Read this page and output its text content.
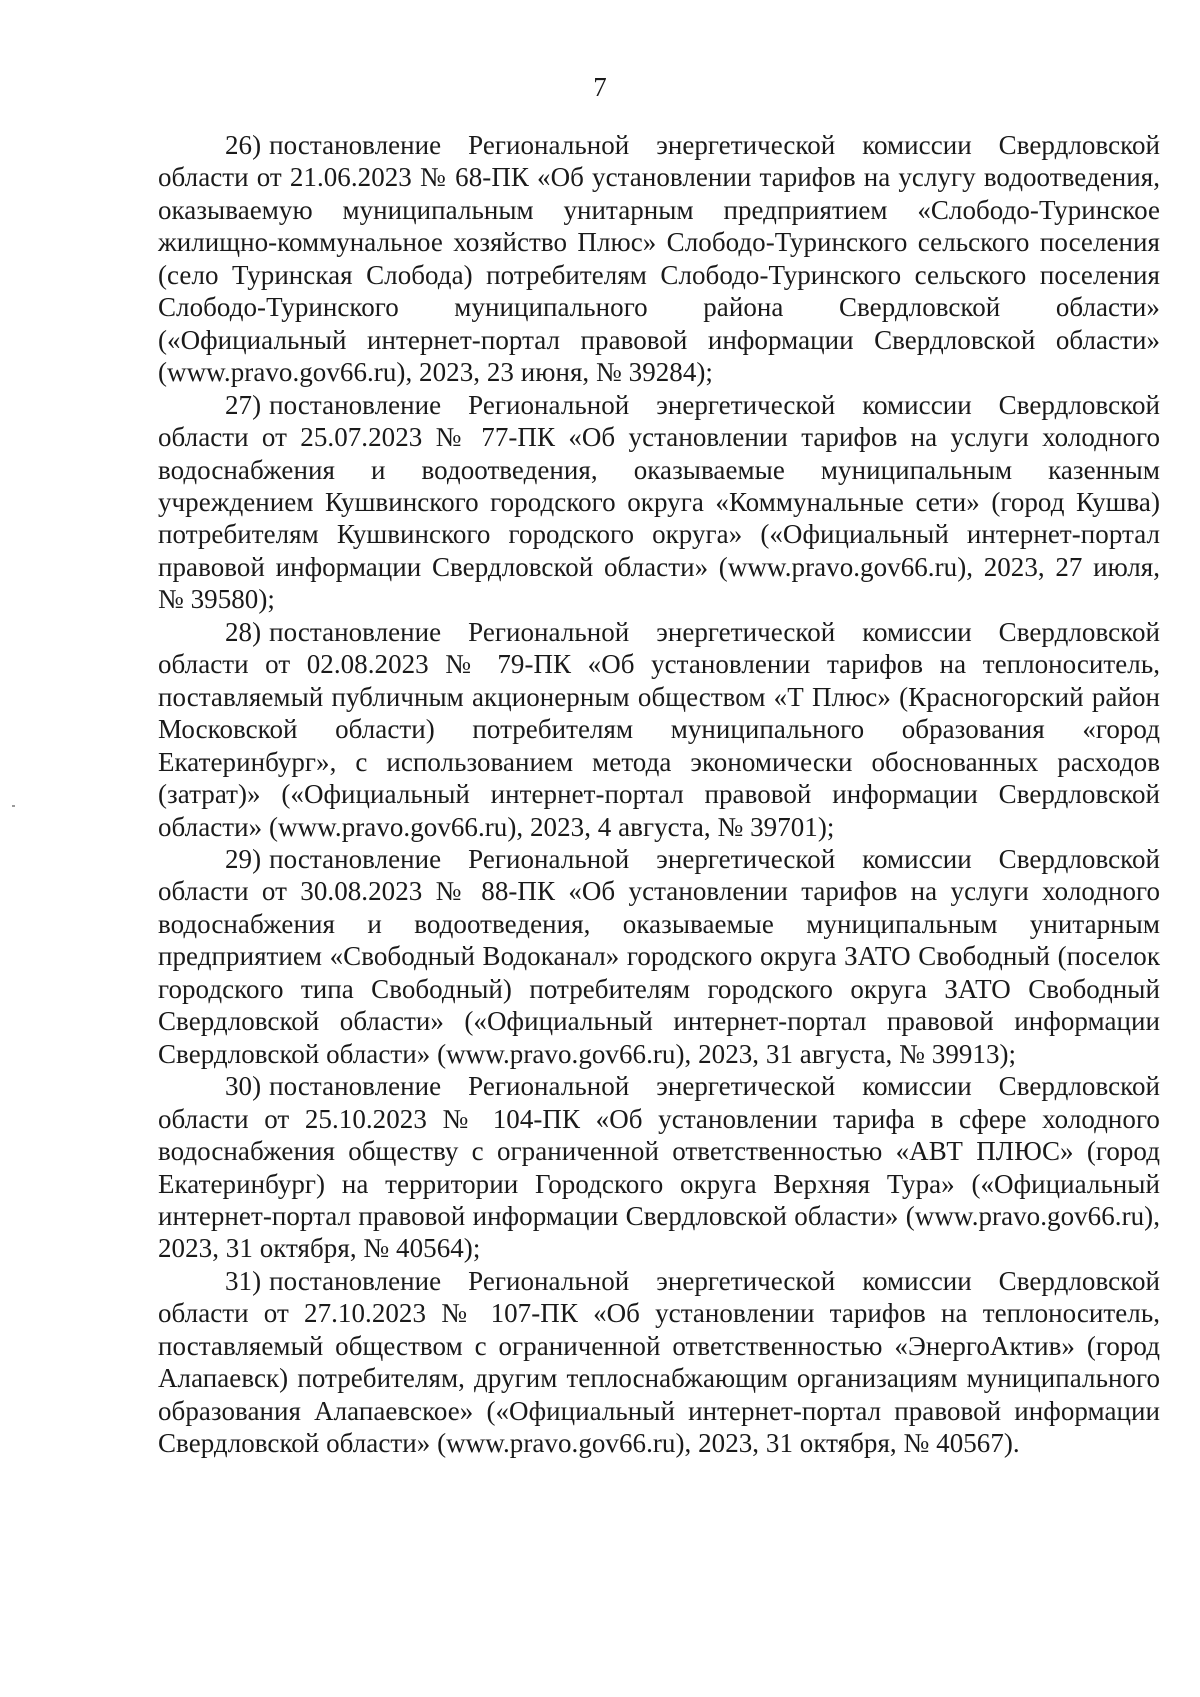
7

26) постановление Региональной энергетической комиссии Свердловской области от 21.06.2023 № 68-ПК «Об установлении тарифов на услугу водоотведения, оказываемую муниципальным унитарным предприятием «Слободо-Туринское жилищно-коммунальное хозяйство Плюс» Слободо-Туринского сельского поселения (село Туринская Слобода) потребителям Слободо-Туринского сельского поселения Слободо-Туринского муниципального района Свердловской области» («Официальный интернет-портал правовой информации Свердловской области» (www.pravo.gov66.ru), 2023, 23 июня, № 39284);

27) постановление Региональной энергетической комиссии Свердловской области от 25.07.2023 № 77-ПК «Об установлении тарифов на услуги холодного водоснабжения и водоотведения, оказываемые муниципальным казенным учреждением Кушвинского городского округа «Коммунальные сети» (город Кушва) потребителям Кушвинского городского округа» («Официальный интернет-портал правовой информации Свердловской области» (www.pravo.gov66.ru), 2023, 27 июля, № 39580);

28) постановление Региональной энергетической комиссии Свердловской области от 02.08.2023 № 79-ПК «Об установлении тарифов на теплоноситель, поставляемый публичным акционерным обществом «Т Плюс» (Красногорский район Московской области) потребителям муниципального образования «город Екатеринбург», с использованием метода экономически обоснованных расходов (затрат)» («Официальный интернет-портал правовой информации Свердловской области» (www.pravo.gov66.ru), 2023, 4 августа, № 39701);

29) постановление Региональной энергетической комиссии Свердловской области от 30.08.2023 № 88-ПК «Об установлении тарифов на услуги холодного водоснабжения и водоотведения, оказываемые муниципальным унитарным предприятием «Свободный Водоканал» городского округа ЗАТО Свободный (поселок городского типа Свободный) потребителям городского округа ЗАТО Свободный Свердловской области» («Официальный интернет-портал правовой информации Свердловской области» (www.pravo.gov66.ru), 2023, 31 августа, № 39913);

30) постановление Региональной энергетической комиссии Свердловской области от 25.10.2023 № 104-ПК «Об установлении тарифа в сфере холодного водоснабжения обществу с ограниченной ответственностью «АВТ ПЛЮС» (город Екатеринбург) на территории Городского округа Верхняя Тура» («Официальный интернет-портал правовой информации Свердловской области» (www.pravo.gov66.ru), 2023, 31 октября, № 40564);

31) постановление Региональной энергетической комиссии Свердловской области от 27.10.2023 № 107-ПК «Об установлении тарифов на теплоноситель, поставляемый обществом с ограниченной ответственностью «ЭнергоАктив» (город Алапаевск) потребителям, другим теплоснабжающим организациям муниципального образования Алапаевское» («Официальный интернет-портал правовой информации Свердловской области» (www.pravo.gov66.ru), 2023, 31 октября, № 40567).
